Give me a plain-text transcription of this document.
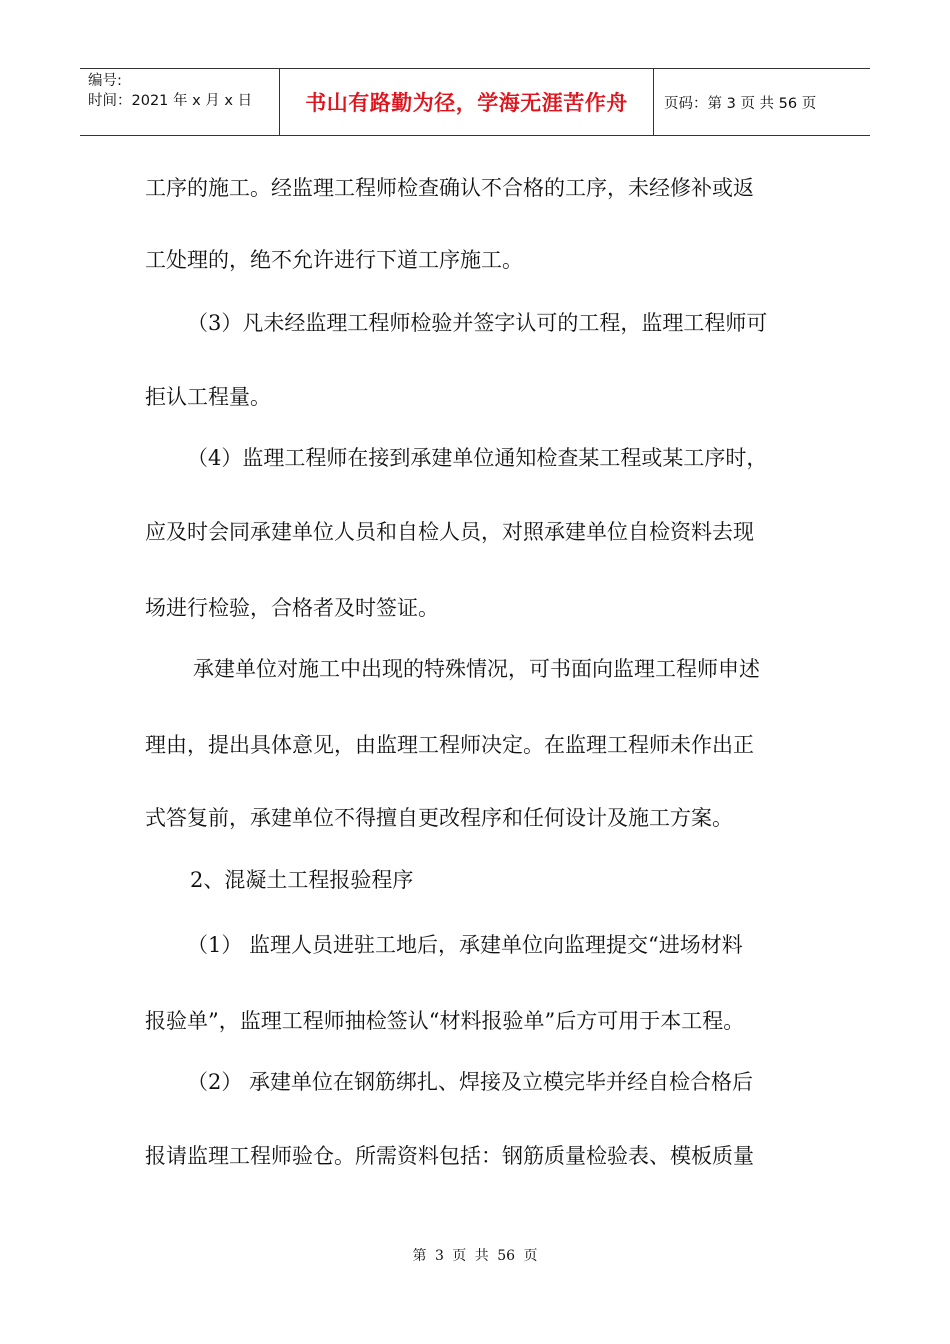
编号:
时间：2021 年 x 月 x 日	书山有路勤为径，学海无涯苦作舟	页码：第 3 页 共 56 页
工序的施工。经监理工程师检查确认不合格的工序，未经修补或返
工处理的，绝不允许进行下道工序施工。
（3）凡未经监理工程师检验并签字认可的工程，监理工程师可
拒认工程量。
（4）监理工程师在接到承建单位通知检查某工程或某工序时，
应及时会同承建单位人员和自检人员，对照承建单位自检资料去现
场进行检验，合格者及时签证。
承建单位对施工中出现的特殊情况，可书面向监理工程师申述
理由，提出具体意见，由监理工程师决定。在监理工程师未作出正
式答复前，承建单位不得擅自更改程序和任何设计及施工方案。
2、混凝土工程报验程序
（1） 监理人员进驻工地后，承建单位向监理提交“进场材料
报验单”，监理工程师抽检签认“材料报验单”后方可用于本工程。
（2） 承建单位在钢筋绑扎、焊接及立模完毕并经自检合格后
报请监理工程师验仓。所需资料包括：钢筋质量检验表、模板质量
第 3 页 共 56 页
